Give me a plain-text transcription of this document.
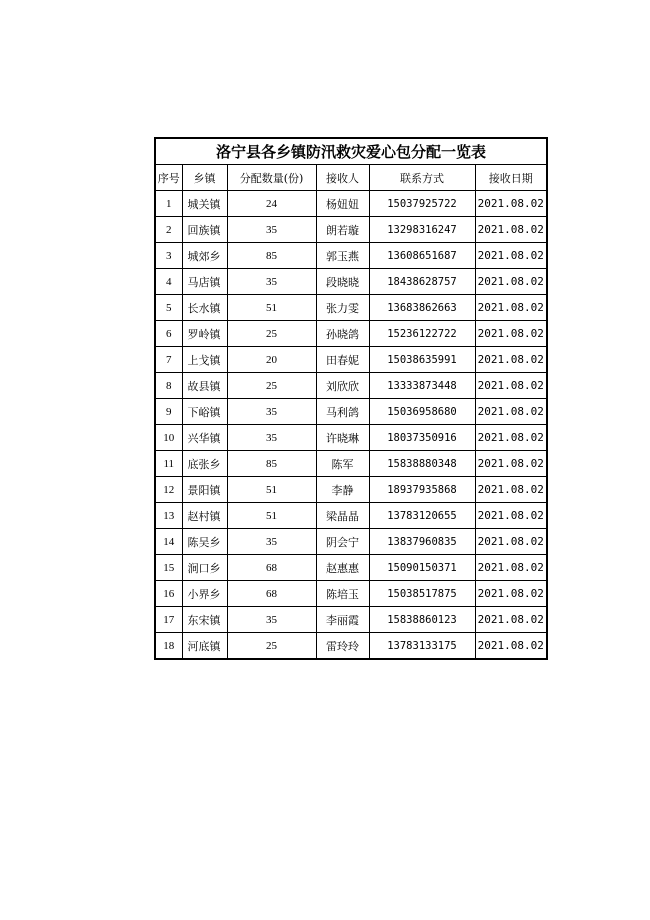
洛宁县各乡镇防汛救灾爱心包分配一览表					
序号	乡镇	分配数量(份)	接收人	联系方式	接收日期
1	城关镇	24	杨妞妞	15037925722	2021.08.02
2	回族镇	35	朗若璇	13298316247	2021.08.02
3	城郊乡	85	郭玉燕	13608651687	2021.08.02
4	马店镇	35	段晓晓	18438628757	2021.08.02
5	长水镇	51	张力雯	13683862663	2021.08.02
6	罗岭镇	25	孙晓鸽	15236122722	2021.08.02
7	上戈镇	20	田春妮	15038635991	2021.08.02
8	故县镇	25	刘欣欣	13333873448	2021.08.02
9	下峪镇	35	马利鸽	15036958680	2021.08.02
10	兴华镇	35	许晓琳	18037350916	2021.08.02
11	底张乡	85	陈军	15838880348	2021.08.02
12	景阳镇	51	李静	18937935868	2021.08.02
13	赵村镇	51	梁晶晶	13783120655	2021.08.02
14	陈吴乡	35	阴会宁	13837960835	2021.08.02
15	涧口乡	68	赵惠惠	15090150371	2021.08.02
16	小界乡	68	陈培玉	15038517875	2021.08.02
17	东宋镇	35	李丽霞	15838860123	2021.08.02
18	河底镇	25	雷玲玲	13783133175	2021.08.02
